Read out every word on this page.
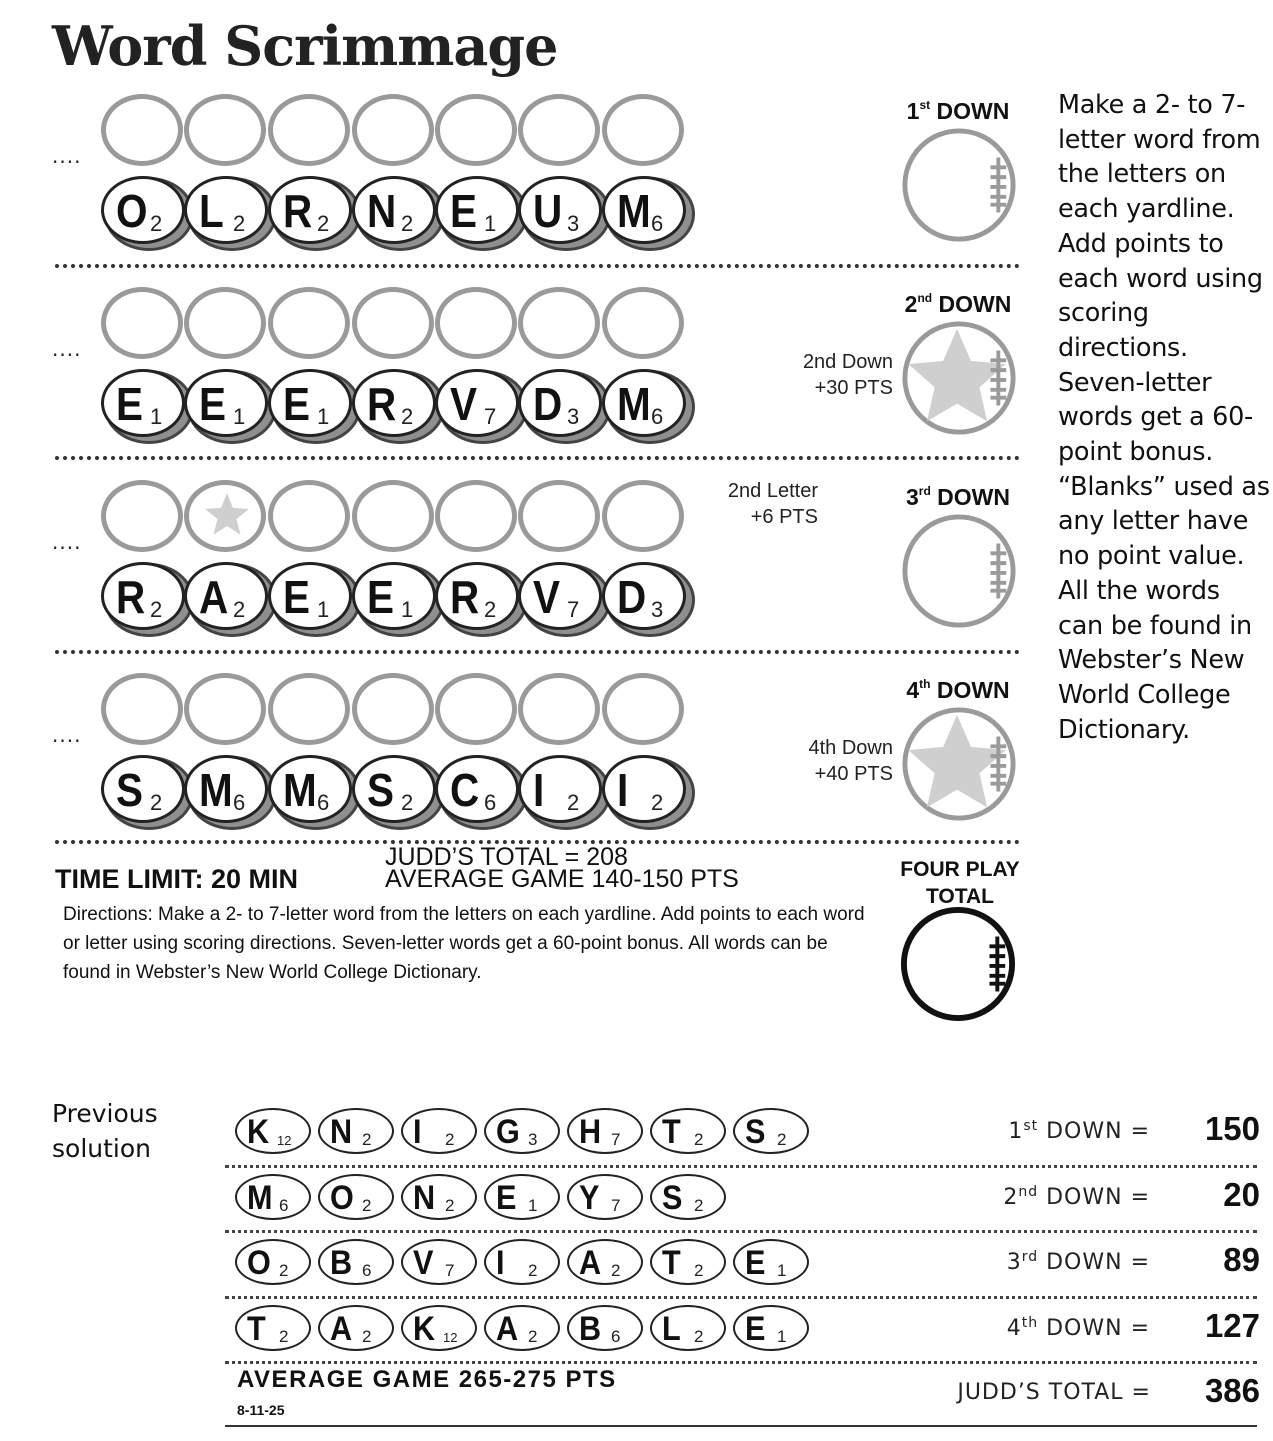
Word Scrimmage
....
O 2 L 2 R 2 N 2 E 1 U 3 M 6
1st DOWN
....
E 1 E 1 E 1 R 2 V 7 D 3 M 6
2nd DOWN
2nd Down
+30 PTS
....
R 2 A 2 E 1 E 1 R 2 V 7 D 3
3rd DOWN
2nd Letter
+6 PTS
....
S 2 M 6 M 6 S 2 C 6 I 2 I 2
4th DOWN
4th Down
+40 PTS
Make a 2- to 7-letter word from the letters on each yardline. Add points to each word using scoring directions. Seven-letter words get a 60-point bonus. “Blanks” used as any letter have no point value. All the words can be found in Webster’s New World College Dictionary.
TIME LIMIT: 20 MIN
JUDD’S TOTAL = 208
AVERAGE GAME 140-150 PTS
Directions: Make a 2- to 7-letter word from the letters on each yardline. Add points to each word or letter using scoring directions. Seven-letter words get a 60-point bonus. All words can be found in Webster’s New World College Dictionary.
FOUR PLAY
TOTAL
Previous
solution	K 12 N 2 I 2 G 3 H 7 T 2 S 2	1st DOWN =	150
M 6 O 2 N 2 E 1 Y 7 S 2	2nd DOWN =	20
O 2 B 6 V 7 I 2 A 2 T 2 E 1	3rd DOWN =	89
T 2 A 2 K 12 A 2 B 6 L 2 E 1	4th DOWN =	127
AVERAGE GAME 265-275 PTS
8-11-25
JUDD’S TOTAL = 386
